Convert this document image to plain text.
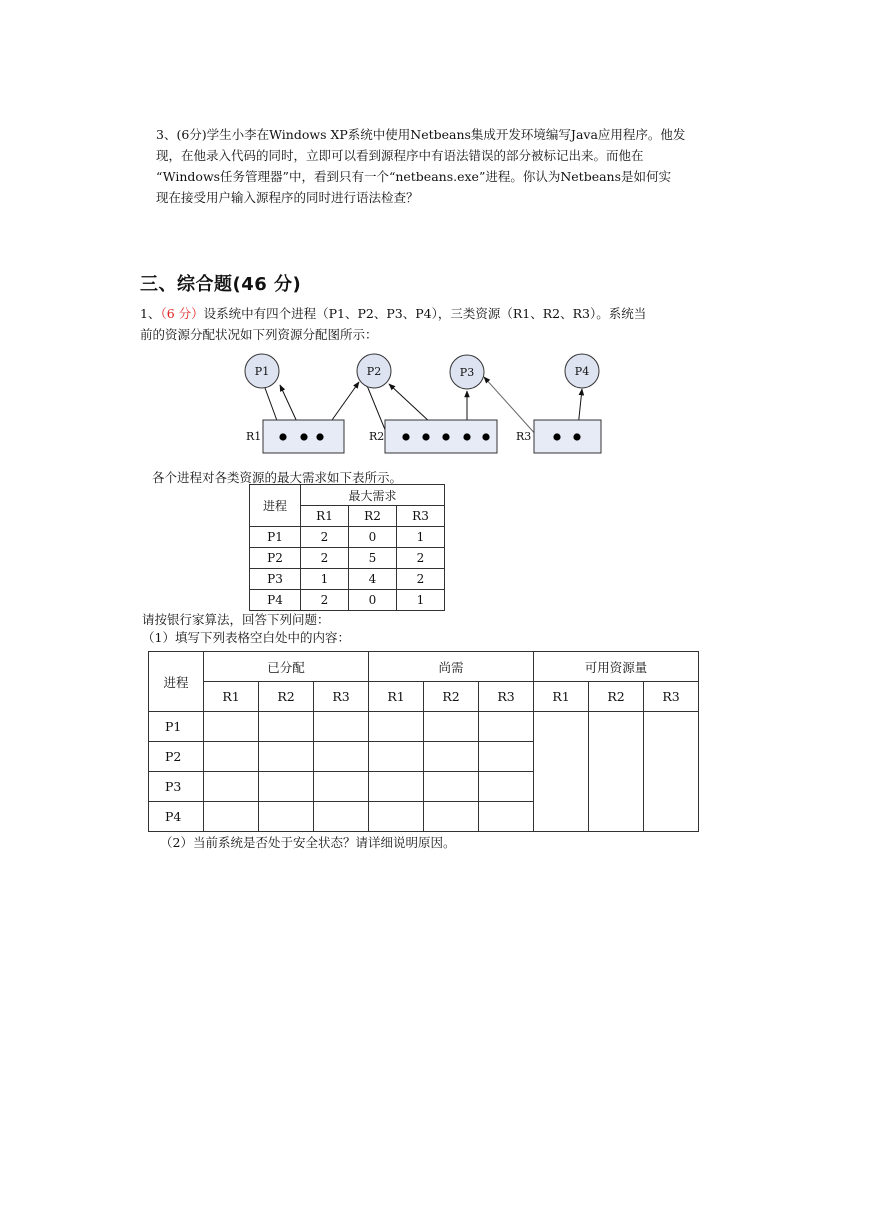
3、(6分)学生小李在Windows XP系统中使用Netbeans集成开发环境编写Java应用程序。他发
现，在他录入代码的同时，立即可以看到源程序中有语法错误的部分被标记出来。而他在
“Windows任务管理器”中，看到只有一个“netbeans.exe”进程。你认为Netbeans是如何实
现在接受用户输入源程序的同时进行语法检查？
三、综合题(46 分)
1、（6 分）设系统中有四个进程（P1、P2、P3、P4），三类资源（R1、R2、R3）。系统当
前的资源分配状况如下列资源分配图所示：
P1	P2	P3	P4
R1	R2	R3
各个进程对各类资源的最大需求如下表所示。
进程	最大需求		
	R1	R2	R3
P1	2	0	1
P2	2	5	2
P3	1	4	2
P4	2	0	1
请按银行家算法，回答下列问题：
（1）填写下列表格空白处中的内容：
进程	已分配			尚需			可用资源量		
	R1	R2	R3	R1	R2	R3	R1	R2	R3
P1									
P2									
P3									
P4									
（2）当前系统是否处于安全状态？请详细说明原因。
